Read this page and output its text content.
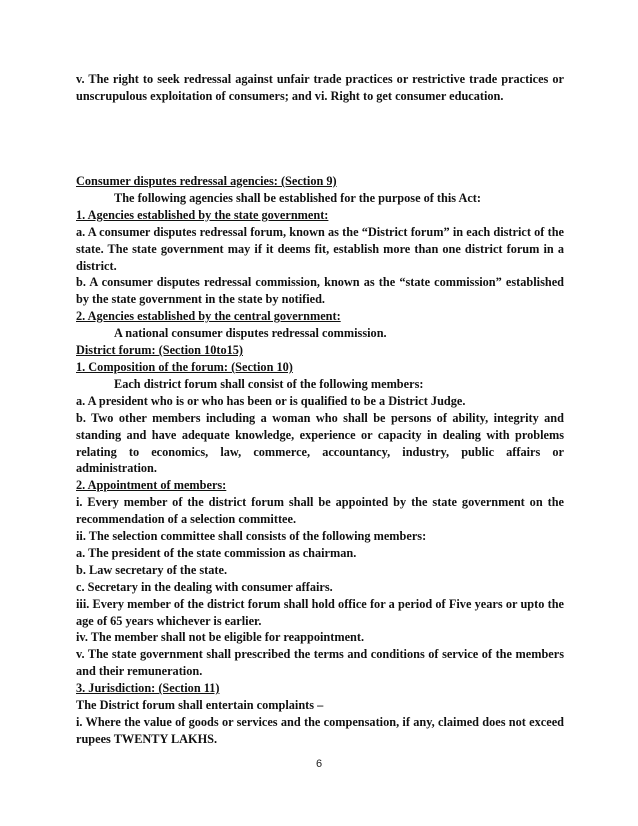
v. The right to seek redressal against unfair trade practices or restrictive trade practices or unscrupulous exploitation of consumers; and vi. Right to get consumer education.

Consumer disputes redressal agencies: (Section 9)

The following agencies shall be established for the purpose of this Act:

1. Agencies established by the state government:

a. A consumer disputes redressal forum, known as the “District forum” in each district of the state. The state government may if it deems fit, establish more than one district forum in a district.

b. A consumer disputes redressal commission, known as the “state commission” established by the state government in the state by notified.

2. Agencies established by the central government:

A national consumer disputes redressal commission.

District forum: (Section 10to15)

1. Composition of the forum: (Section 10)

Each district forum shall consist of the following members:

a. A president who is or who has been or is qualified to be a District Judge.

b. Two other members including a woman who shall be persons of ability, integrity and standing and have adequate knowledge, experience or capacity in dealing with problems relating to economics, law, commerce, accountancy, industry, public affairs or administration.

2. Appointment of members:

i. Every member of the district forum shall be appointed by the state government on the recommendation of a selection committee.

ii. The selection committee shall consists of the following members:

a. The president of the state commission as chairman.

b. Law secretary of the state.

c. Secretary in the dealing with consumer affairs.

iii. Every member of the district forum shall hold office for a period of Five years or upto the age of 65 years whichever is earlier.

iv. The member shall not be eligible for reappointment.

v. The state government shall prescribed the terms and conditions of service of the members and their remuneration.

3. Jurisdiction: (Section 11)

The District forum shall entertain complaints –

i. Where the value of goods or services and the compensation, if any, claimed does not exceed rupees TWENTY LAKHS.

6
